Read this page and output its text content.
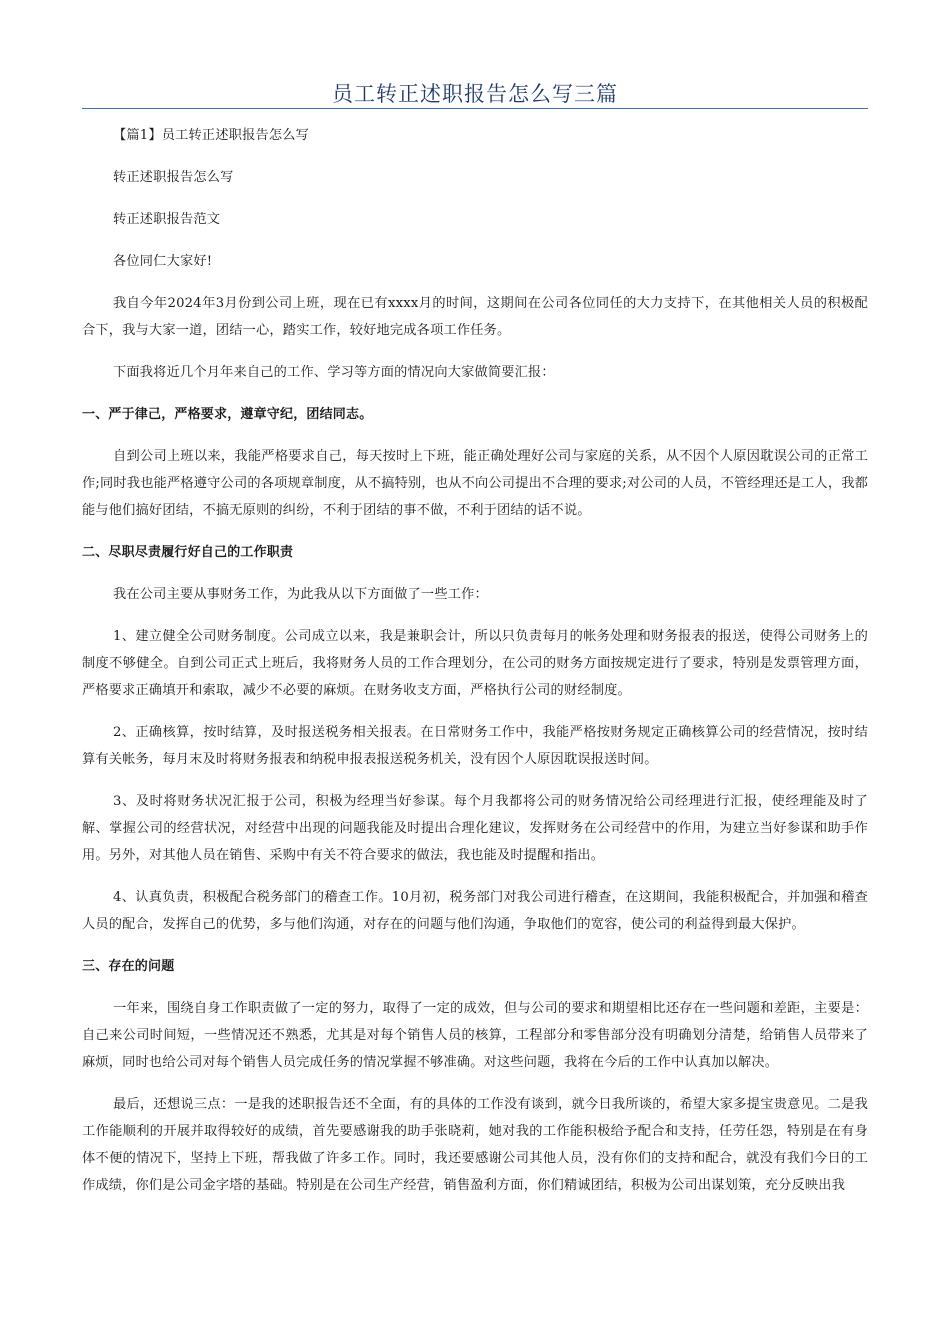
员工转正述职报告怎么写三篇
【篇1】员工转正述职报告怎么写
转正述职报告怎么写
转正述职报告范文
各位同仁大家好!
我自今年2024年3月份到公司上班，现在已有xxxx月的时间，这期间在公司各位同任的大力支持下，在其他相关人员的积极配合下，我与大家一道，团结一心，踏实工作，较好地完成各项工作任务。
下面我将近几个月年来自己的工作、学习等方面的情况向大家做简要汇报：
一、严于律己，严格要求，遵章守纪，团结同志。
自到公司上班以来，我能严格要求自己，每天按时上下班，能正确处理好公司与家庭的关系，从不因个人原因耽误公司的正常工作;同时我也能严格遵守公司的各项规章制度，从不搞特别，也从不向公司提出不合理的要求;对公司的人员，不管经理还是工人，我都能与他们搞好团结，不搞无原则的纠纷，不利于团结的事不做，不利于团结的话不说。
二、尽职尽责履行好自己的工作职责
我在公司主要从事财务工作，为此我从以下方面做了一些工作：
1、建立健全公司财务制度。公司成立以来，我是兼职会计，所以只负责每月的帐务处理和财务报表的报送，使得公司财务上的制度不够健全。自到公司正式上班后，我将财务人员的工作合理划分，在公司的财务方面按规定进行了要求，特别是发票管理方面，严格要求正确填开和索取，减少不必要的麻烦。在财务收支方面，严格执行公司的财经制度。
2、正确核算，按时结算，及时报送税务相关报表。在日常财务工作中，我能严格按财务规定正确核算公司的经营情况，按时结算有关帐务，每月末及时将财务报表和纳税申报表报送税务机关，没有因个人原因耽误报送时间。
3、及时将财务状况汇报于公司，积极为经理当好参谋。每个月我都将公司的财务情况给公司经理进行汇报，使经理能及时了解、掌握公司的经营状况，对经营中出现的问题我能及时提出合理化建议，发挥财务在公司经营中的作用，为建立当好参谋和助手作用。另外，对其他人员在销售、采购中有关不符合要求的做法，我也能及时提醒和指出。
4、认真负责，积极配合税务部门的稽查工作。10月初，税务部门对我公司进行稽查，在这期间，我能积极配合，并加强和稽查人员的配合，发挥自己的优势，多与他们沟通，对存在的问题与他们沟通，争取他们的宽容，使公司的利益得到最大保护。
三、存在的问题
一年来，围绕自身工作职责做了一定的努力，取得了一定的成效，但与公司的要求和期望相比还存在一些问题和差距，主要是：自己来公司时间短，一些情况还不熟悉，尤其是对每个销售人员的核算，工程部分和零售部分没有明确划分清楚，给销售人员带来了麻烦，同时也给公司对每个销售人员完成任务的情况掌握不够准确。对这些问题，我将在今后的工作中认真加以解决。
最后，还想说三点：一是我的述职报告还不全面，有的具体的工作没有谈到，就今日我所谈的，希望大家多提宝贵意见。二是我工作能顺利的开展并取得较好的成绩，首先要感谢我的助手张晓莉，她对我的工作能积极给予配合和支持，任劳任怨，特别是在有身体不便的情况下，坚持上下班，帮我做了许多工作。同时，我还要感谢公司其他人员，没有你们的支持和配合，就没有我们今日的工作成绩，你们是公司金字塔的基础。特别是在公司生产经营，销售盈利方面，你们精诚团结，积极为公司出谋划策，充分反映出我
